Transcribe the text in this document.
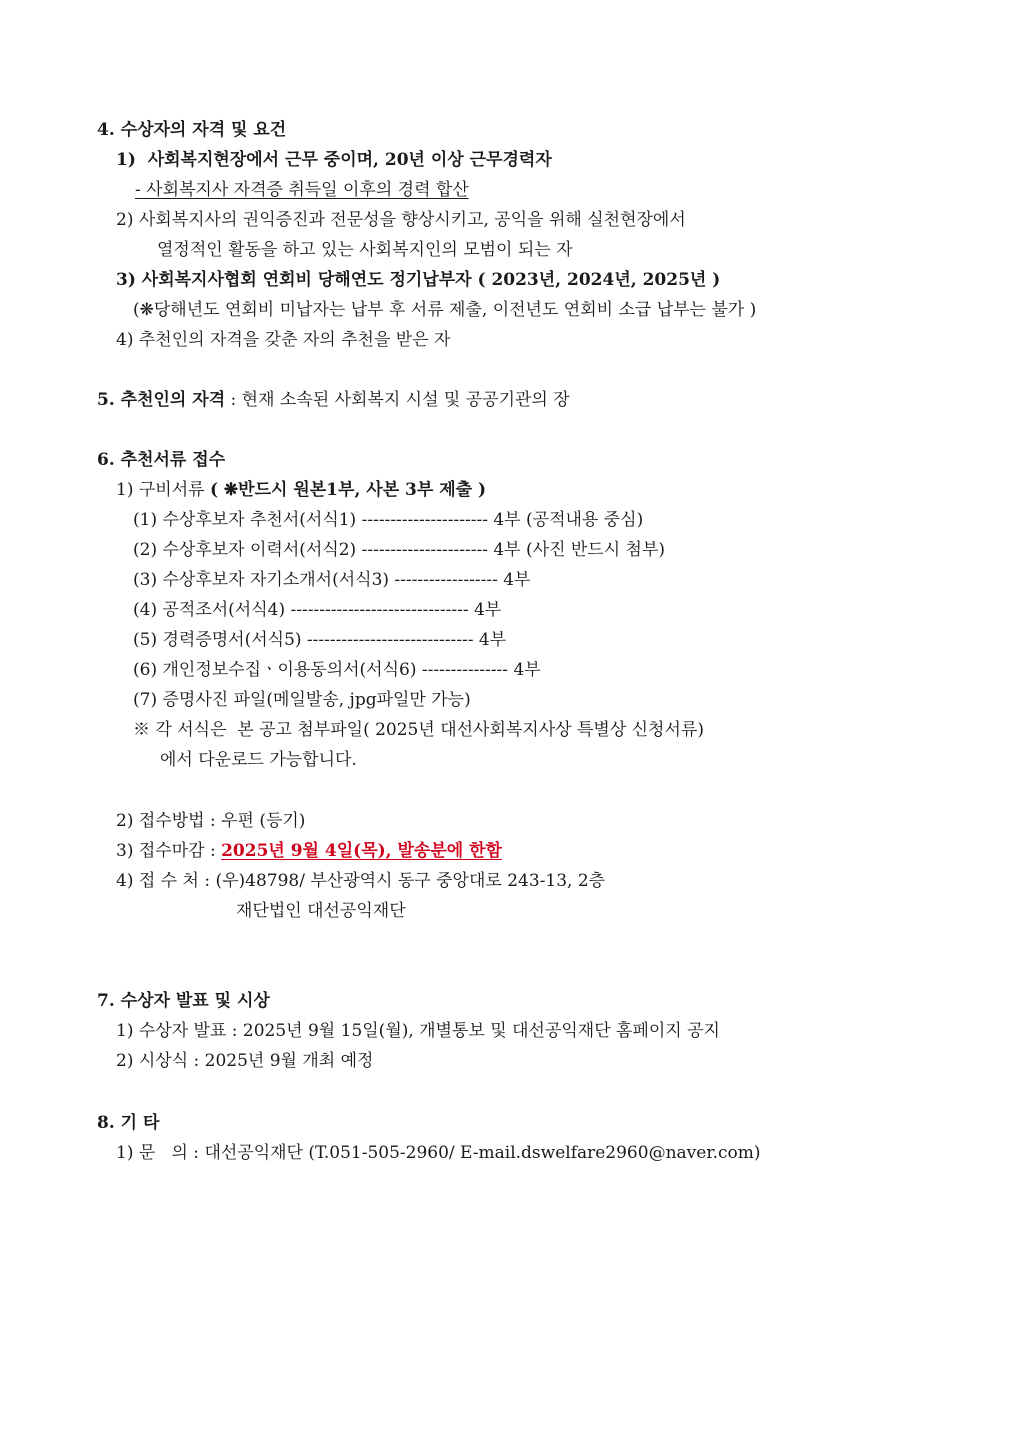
4. 수상자의 자격 및 요건
1)  사회복지현장에서 근무 중이며, 20년 이상 근무경력자
- 사회복지사 자격증 취득일 이후의 경력 합산
2) 사회복지사의 권익증진과 전문성을 향상시키고, 공익을 위해 실천현장에서
열정적인 활동을 하고 있는 사회복지인의 모범이 되는 자
3) 사회복지사협회 연회비 당해연도 정기납부자 ( 2023년, 2024년, 2025년 )
(❋당해년도 연회비 미납자는 납부 후 서류 제출, 이전년도 연회비 소급 납부는 불가 )
4) 추천인의 자격을 갖춘 자의 추천을 받은 자
5. 추천인의 자격 : 현재 소속된 사회복지 시설 및 공공기관의 장
6. 추천서류 접수
1) 구비서류 ( ❋반드시 원본1부, 사본 3부 제출 )
(1) 수상후보자 추천서(서식1) ---------------------- 4부 (공적내용 중심)
(2) 수상후보자 이력서(서식2) ---------------------- 4부 (사진 반드시 첨부)
(3) 수상후보자 자기소개서(서식3) ------------------ 4부
(4) 공적조서(서식4) ------------------------------- 4부
(5) 경력증명서(서식5) ----------------------------- 4부
(6) 개인정보수집ㆍ이용동의서(서식6) --------------- 4부
(7) 증명사진 파일(메일발송, jpg파일만 가능)
※ 각 서식은  본 공고 첨부파일( 2025년 대선사회복지사상 특별상 신청서류)
에서 다운로드 가능합니다.
2) 접수방법 : 우편 (등기)
3) 접수마감 : 2025년 9월 4일(목), 발송분에 한함
4) 접 수 처 : (우)48798/ 부산광역시 동구 중앙대로 243-13, 2층
재단법인 대선공익재단
7. 수상자 발표 및 시상
1) 수상자 발표 : 2025년 9월 15일(월), 개별통보 및 대선공익재단 홈페이지 공지
2) 시상식 : 2025년 9월 개최 예정
8. 기 타
1) 문   의 : 대선공익재단 (T.051-505-2960/ E-mail.dswelfare2960@naver.com)
